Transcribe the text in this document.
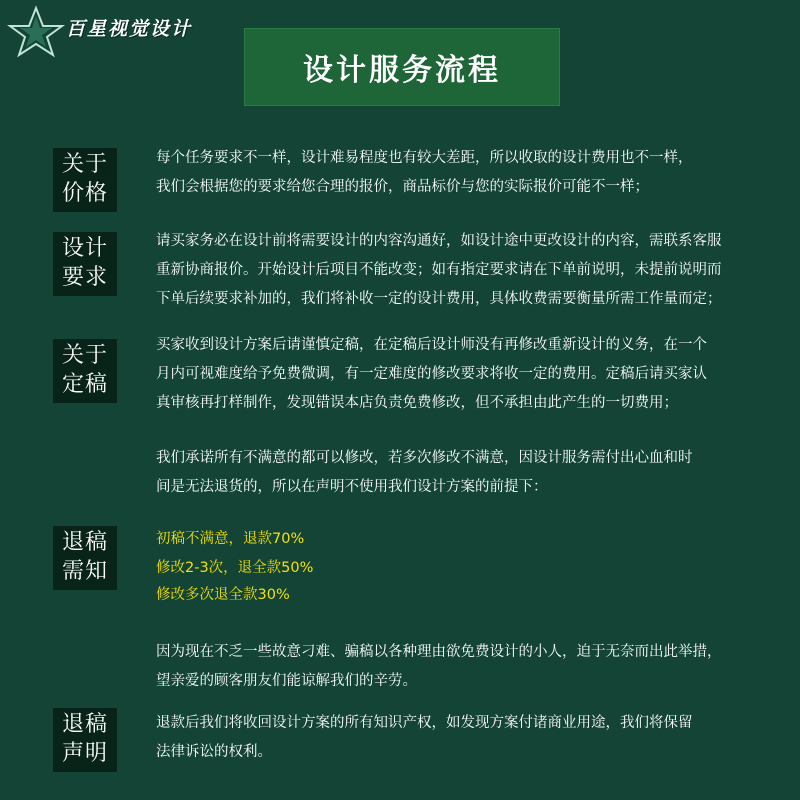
百星视觉设计
设计服务流程
关于
价格
每个任务要求不一样，设计难易程度也有较大差距，所以收取的设计费用也不一样，
我们会根据您的要求给您合理的报价，商品标价与您的实际报价可能不一样；
设计
要求
请买家务必在设计前将需要设计的内容沟通好，如设计途中更改设计的内容，需联系客服
重新协商报价。开始设计后项目不能改变；如有指定要求请在下单前说明，未提前说明而
下单后续要求补加的，我们将补收一定的设计费用，具体收费需要衡量所需工作量而定；
关于
定稿
买家收到设计方案后请谨慎定稿，在定稿后设计师没有再修改重新设计的义务，在一个
月内可视难度给予免费微调，有一定难度的修改要求将收一定的费用。定稿后请买家认
真审核再打样制作，发现错误本店负责免费修改，但不承担由此产生的一切费用；
我们承诺所有不满意的都可以修改，若多次修改不满意，因设计服务需付出心血和时
间是无法退货的，所以在声明不使用我们设计方案的前提下：
退稿
需知
初稿不满意，退款70%
修改2-3次，退全款50%
修改多次退全款30%
因为现在不乏一些故意刁难、骗稿以各种理由欲免费设计的小人，迫于无奈而出此举措，
望亲爱的顾客朋友们能谅解我们的辛劳。
退稿
声明
退款后我们将收回设计方案的所有知识产权，如发现方案付诸商业用途，我们将保留
法律诉讼的权利。
